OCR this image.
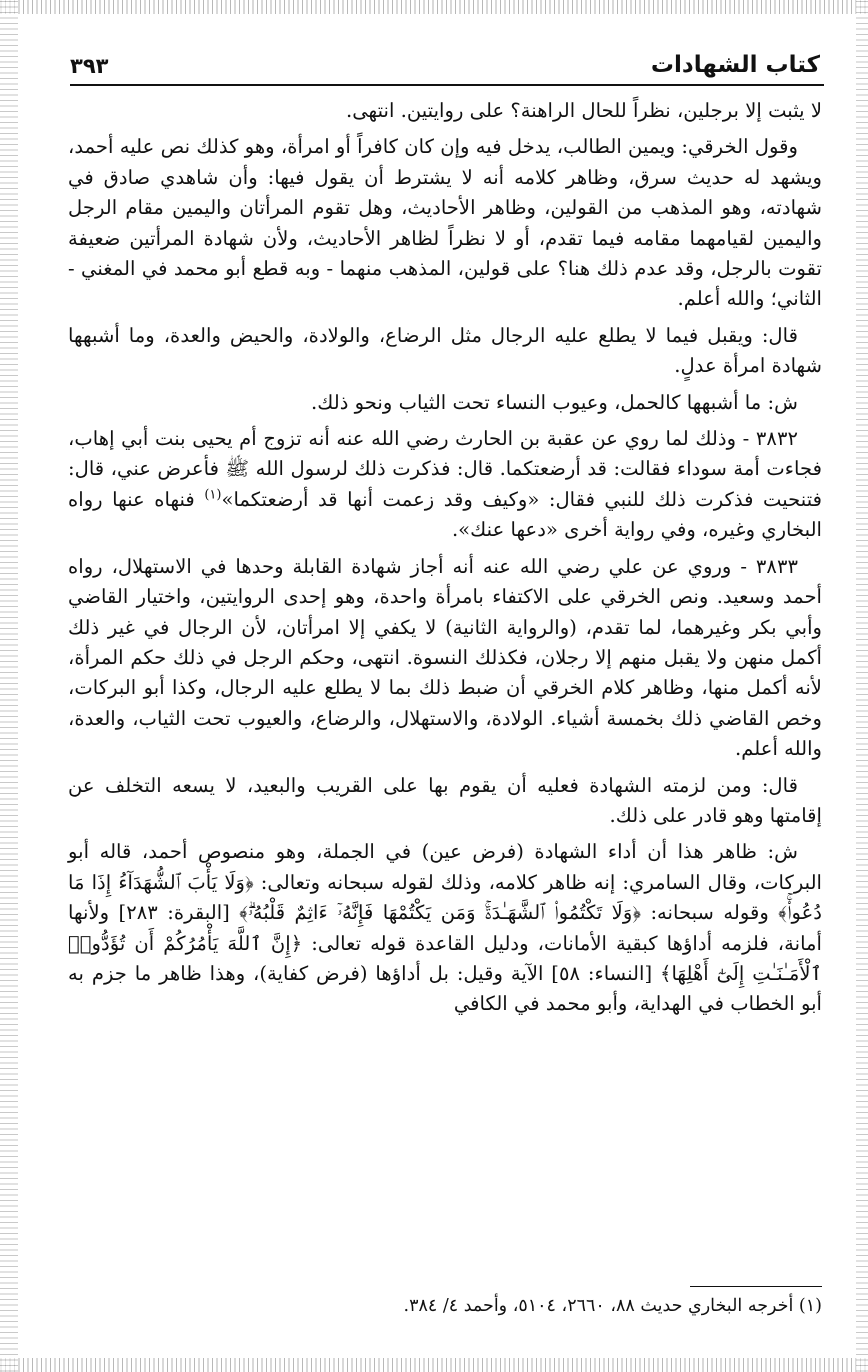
كتاب الشهادات
٣٩٣

لا يثبت إلا برجلين، نظراً للحال الراهنة؟ على روايتين. انتهى.

وقول الخرقي: ويمين الطالب، يدخل فيه وإن كان كافراً أو امرأة، وهو كذلك نص عليه أحمد، ويشهد له حديث سرق، وظاهر كلامه أنه لا يشترط أن يقول فيها: وأن شاهدي صادق في شهادته، وهو المذهب من القولين، وظاهر الأحاديث، وهل تقوم المرأتان واليمين مقام الرجل واليمين لقيامهما مقامه فيما تقدم، أو لا نظراً لظاهر الأحاديث، ولأن شهادة المرأتين ضعيفة تقوت بالرجل، وقد عدم ذلك هنا؟ على قولين، المذهب منهما - وبه قطع أبو محمد في المغني - الثاني؛ والله أعلم.

قال: ويقبل فيما لا يطلع عليه الرجال مثل الرضاع، والولادة، والحيض والعدة، وما أشبهها شهادة امرأة عدلٍ.

ش: ما أشبهها كالحمل، وعيوب النساء تحت الثياب ونحو ذلك.

٣٨٣٢ - وذلك لما روي عن عقبة بن الحارث رضي الله عنه أنه تزوج أم يحيى بنت أبي إهاب، فجاءت أمة سوداء فقالت: قد أرضعتكما. قال: فذكرت ذلك لرسول الله ﷺ فأعرض عني، قال: فتنحيت فذكرت ذلك للنبي فقال: «وكيف وقد زعمت أنها قد أرضعتكما»$^{(١)}$ فنهاه عنها رواه البخاري وغيره، وفي رواية أخرى «دعها عنك».

٣٨٣٣ - وروي عن علي رضي الله عنه أنه أجاز شهادة القابلة وحدها في الاستهلال، رواه أحمد وسعيد. ونص الخرقي على الاكتفاء بامرأة واحدة، وهو إحدى الروايتين، واختيار القاضي وأبي بكر وغيرهما، لما تقدم، (والرواية الثانية) لا يكفي إلا امرأتان، لأن الرجال في غير ذلك أكمل منهن ولا يقبل منهم إلا رجلان، فكذلك النسوة. انتهى، وحكم الرجل في ذلك حكم المرأة، لأنه أكمل منها، وظاهر كلام الخرقي أن ضبط ذلك بما لا يطلع عليه الرجال، وكذا أبو البركات، وخص القاضي ذلك بخمسة أشياء. الولادة، والاستهلال، والرضاع، والعيوب تحت الثياب، والعدة، والله أعلم.

قال: ومن لزمته الشهادة فعليه أن يقوم بها على القريب والبعيد، لا يسعه التخلف عن إقامتها وهو قادر على ذلك.

ش: ظاهر هذا أن أداء الشهادة (فرض عين) في الجملة، وهو منصوص أحمد، قاله أبو البركات، وقال السامري: إنه ظاهر كلامه، وذلك لقوله سبحانه وتعالى: ﴿وَلَا يَأْبَ ٱلشُّهَدَآءُ إِذَا مَا دُعُوا۟ۚ﴾ وقوله سبحانه: ﴿وَلَا تَكْتُمُوا۟ ٱلشَّهَـٰدَةَۚ وَمَن يَكْتُمْهَا فَإِنَّهُۥٓ ءَاثِمٌ قَلْبُهُۥۗ﴾ [البقرة: ٢٨٣] ولأنها أمانة، فلزمه أداؤها كبقية الأمانات، ودليل القاعدة قوله تعالى: ﴿إِنَّ ٱللَّهَ يَأْمُرُكُمْ أَن تُؤَدُّوا۟ ٱلْأَمَـٰنَـٰتِ إِلَىٰٓ أَهْلِهَا﴾ [النساء: ٥٨] الآية وقيل: بل أداؤها (فرض كفاية)، وهذا ظاهر ما جزم به أبو الخطاب في الهداية، وأبو محمد في الكافي

(١) أخرجه البخاري حديث ٨٨، ٢٦٦٠، ٥١٠٤، وأحمد ٤/ ٣٨٤.
